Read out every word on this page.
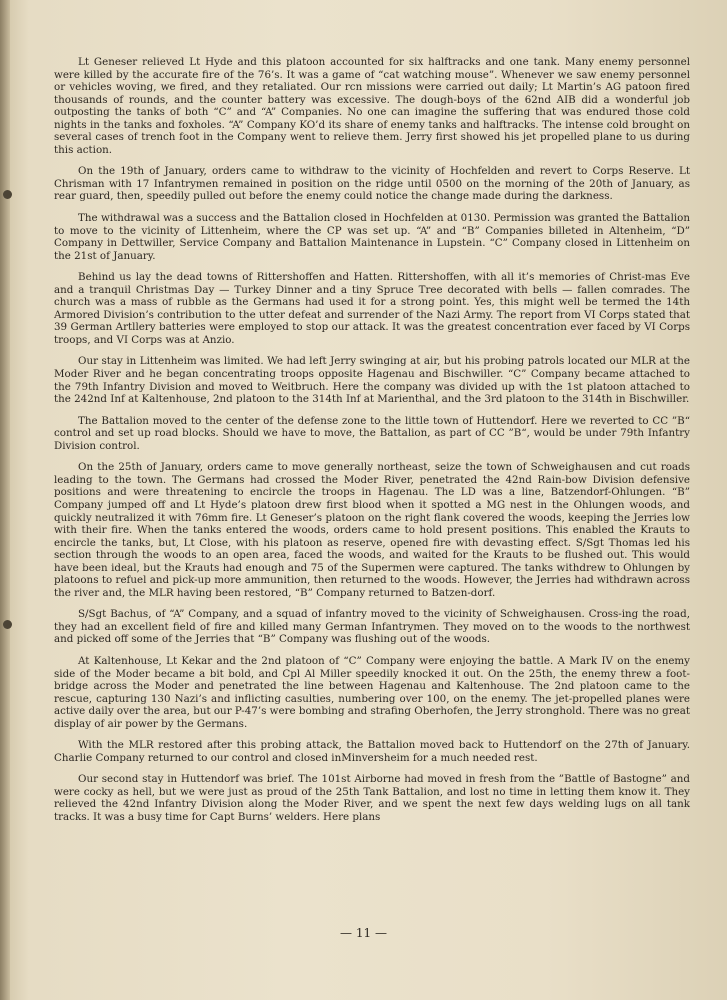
Lt Geneser relieved Lt Hyde and this platoon accounted for six halftracks and one tank. Many enemy personnel were killed by the accurate fire of the 76’s. It was a game of “cat watching mouse”. Whenever we saw enemy personnel or vehicles woving, we fired, and they retaliated. Our rcn missions were carried out daily; Lt Martin’s AG patoon fired thousands of rounds, and the counter battery was excessive. The dough-boys of the 62nd AIB did a wonderful job outposting the tanks of both “C” and “A” Companies. No one can imagine the suffering that was endured those cold nights in the tanks and foxholes. “A” Company KO’d its share of enemy tanks and halftracks. The intense cold brought on several cases of trench foot in the Company went to relieve them. Jerry first showed his jet propelled plane to us during this action.

On the 19th of January, orders came to withdraw to the vicinity of Hochfelden and revert to Corps Reserve. Lt Chrisman with 17 Infantrymen remained in position on the ridge until 0500 on the morning of the 20th of January, as rear guard, then, speedily pulled out before the enemy could notice the change made during the darkness.

The withdrawal was a success and the Battalion closed in Hochfelden at 0130. Permission was granted the Battalion to move to the vicinity of Littenheim, where the CP was set up. “A” and “B” Companies billeted in Altenheim, “D” Company in Dettwiller, Service Company and Battalion Maintenance in Lupstein. “C” Company closed in Littenheim on the 21st of January.

Behind us lay the dead towns of Rittershoffen and Hatten. Rittershoffen, with all it’s memories of Christ-mas Eve and a tranquil Christmas Day — Turkey Dinner and a tiny Spruce Tree decorated with bells — fallen comrades. The church was a mass of rubble as the Germans had used it for a strong point. Yes, this might well be termed the 14th Armored Division’s contribution to the utter defeat and surrender of the Nazi Army. The report from VI Corps stated that 39 German Artllery batteries were employed to stop our attack. It was the greatest concentration ever faced by VI Corps troops, and VI Corps was at Anzio.

Our stay in Littenheim was limited. We had left Jerry swinging at air, but his probing patrols located our MLR at the Moder River and he began concentrating troops opposite Hagenau and Bischwiller. “C” Company became attached to the 79th Infantry Division and moved to Weitbruch. Here the company was divided up with the 1st platoon attached to the 242nd Inf at Kaltenhouse, 2nd platoon to the 314th Inf at Marienthal, and the 3rd platoon to the 314th in Bischwiller.

The Battalion moved to the center of the defense zone to the little town of Huttendorf. Here we reverted to CC ”B“ control and set up road blocks. Should we have to move, the Battalion, as part of CC ”B“, would be under 79th Infantry Division control.

On the 25th of January, orders came to move generally northeast, seize the town of Schweighausen and cut roads leading to the town. The Germans had crossed the Moder River, penetrated the 42nd Rain-bow Division defensive positions and were threatening to encircle the troops in Hagenau. The LD was a line, Batzendorf-Ohlungen. “B” Company jumped off and Lt Hyde’s platoon drew first blood when it spotted a MG nest in the Ohlungen woods, and quickly neutralized it with 76mm fire. Lt Geneser’s platoon on the right flank covered the woods, keeping the Jerries low with their fire. When the tanks entered the woods, orders came to hold present positions. This enabled the Krauts to encircle the tanks, but, Lt Close, with his platoon as reserve, opened fire with devasting effect. S/Sgt Thomas led his section through the woods to an open area, faced the woods, and waited for the Krauts to be flushed out. This would have been ideal, but the Krauts had enough and 75 of the Supermen were captured. The tanks withdrew to Ohlungen by platoons to refuel and pick-up more ammunition, then returned to the woods. However, the Jerries had withdrawn across the river and, the MLR having been restored, “B” Company returned to Batzen-dorf.

S/Sgt Bachus, of “A” Company, and a squad of infantry moved to the vicinity of Schweighausen. Cross-ing the road, they had an excellent field of fire and killed many German Infantrymen. They moved on to the woods to the northwest and picked off some of the Jerries that “B” Company was flushing out of the woods.

At Kaltenhouse, Lt Kekar and the 2nd platoon of “C” Company were enjoying the battle. A Mark IV on the enemy side of the Moder became a bit bold, and Cpl Al Miller speedily knocked it out. On the 25th, the enemy threw a foot-bridge across the Moder and penetrated the line between Hagenau and Kaltenhouse. The 2nd platoon came to the rescue, capturing 130 Nazi’s and inflicting casulties, numbering over 100, on the enemy. The jet-propelled planes were active daily over the area, but our P-47’s were bombing and strafing Oberhofen, the Jerry stronghold. There was no great display of air power by the Germans.

With the MLR restored after this probing attack, the Battalion moved back to Huttendorf on the 27th of January. Charlie Company returned to our control and closed inMinversheim for a much needed rest.

Our second stay in Huttendorf was brief. The 101st Airborne had moved in fresh from the ”Battle of Bastogne” and were cocky as hell, but we were just as proud of the 25th Tank Battalion, and lost no time in letting them know it. They relieved the 42nd Infantry Division along the Moder River, and we spent the next few days welding lugs on all tank tracks. It was a busy time for Capt Burns’ welders. Here plans

— 11 —
